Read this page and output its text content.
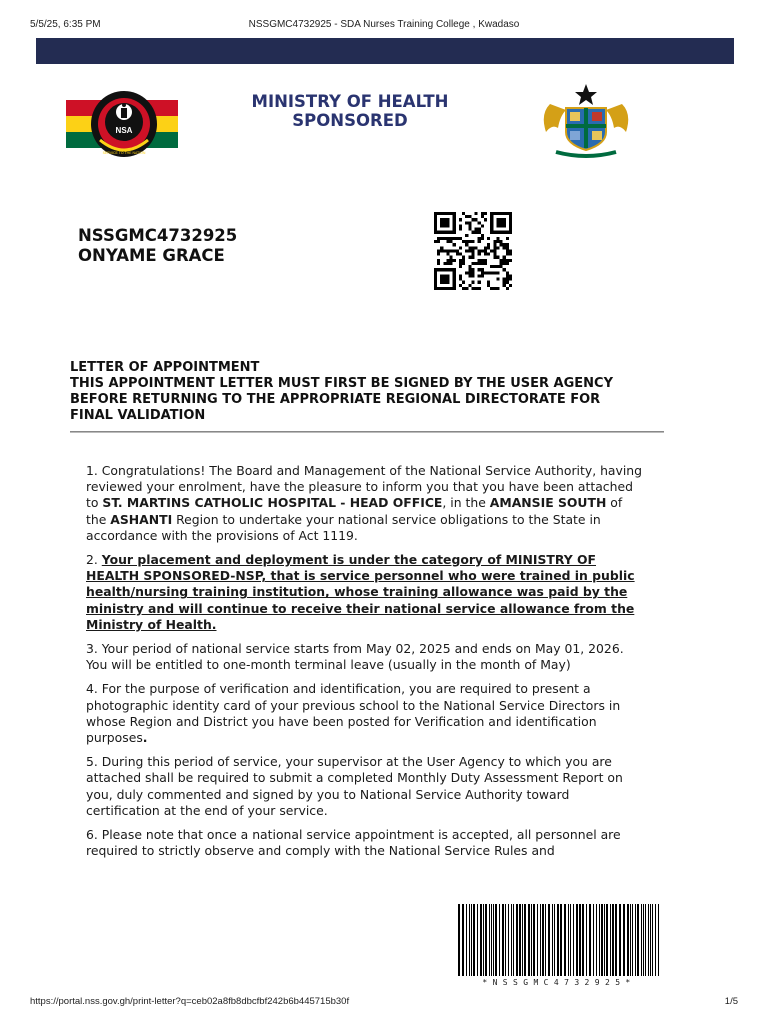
5/5/25, 6:35 PM	NSSGMC4732925 - SDA Nurses Training College , Kwadaso
NSA
SERVICE TO THE NATION
MINISTRY OF HEALTH
SPONSORED
NSSGMC4732925
ONYAME GRACE
LETTER OF APPOINTMENT
THIS APPOINTMENT LETTER MUST FIRST BE SIGNED BY THE USER AGENCY
BEFORE RETURNING TO THE APPROPRIATE REGIONAL DIRECTORATE FOR
FINAL VALIDATION

1. Congratulations! The Board and Management of the National Service Authority, having reviewed your enrolment, have the pleasure to inform you that you have been attached to ST. MARTINS CATHOLIC HOSPITAL - HEAD OFFICE, in the AMANSIE SOUTH of the ASHANTI Region to undertake your national service obligations to the State in accordance with the provisions of Act 1119.

2. Your placement and deployment is under the category of MINISTRY OF HEALTH SPONSORED-NSP, that is service personnel who were trained in public health/nursing training institution, whose training allowance was paid by the ministry and will continue to receive their national service allowance from the Ministry of Health.

3. Your period of national service starts from May 02, 2025 and ends on May 01, 2026. You will be entitled to one-month terminal leave (usually in the month of May)

4. For the purpose of verification and identification, you are required to present a photographic identity card of your previous school to the National Service Directors in whose Region and District you have been posted for Verification and identification purposes.

5. During this period of service, your supervisor at the User Agency to which you are attached shall be required to submit a completed Monthly Duty Assessment Report on you, duly commented and signed by you to National Service Authority toward certification at the end of your service.

6. Please note that once a national service appointment is accepted, all personnel are required to strictly observe and comply with the National Service Rules and

*NSSGMC4732925*
https://portal.nss.gov.gh/print-letter?q=ceb02a8fb8dbcfbf242b6b445715b30f	1/5
